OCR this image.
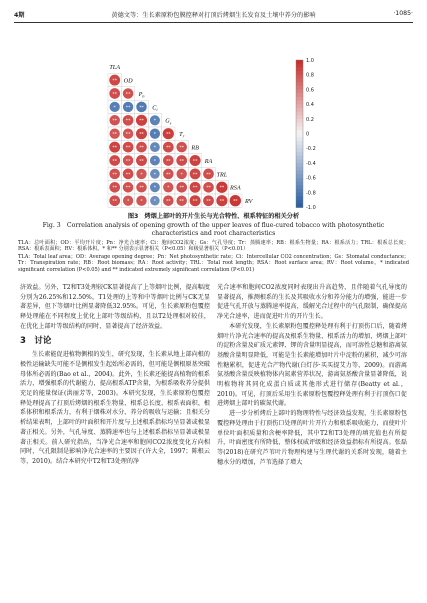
4期	黄德文等：生长素原粉包膜控释对打顶后烤烟生长发育及土壤中养分的影响	·1085·
TLA
OD
$P_n$
$C_i$
$G_s$
$T_r$
RB
RA
TRL
RSA
RV
**
** **
* ** **
** ** ** *
** ** ** * **
** ** ** * ** **
** ** ** * ** ** **
** ** * * ** * ** **
** ** ** * * ** ** ** **
** * * * ** ** ** ** ** **
1.0
0.8
0.6
0.4
0.2
0
-0.2
-0.4
-0.6
-0.8
-1.0
图3　烤烟上部叶的开片生长与光合特性、根系特征的相关分析
Fig. 3　Correlation analysis of opening growth of the upper leaves of flue-cured tobacco with photosynthetic characteristics and root characteristics
TLA：总叶面积；OD：平均开片度；Pn：净光合速率；Ci：胞间CO2浓度；Gs：气孔导度；Tr：蒸腾速率；RB：根系生物量；RA：根系活力；TRL：根系总长度；RSA：根系表面积；RV：根系体积。* 和** 分别表示显著相关（P<0.05）和极显著相关（P<0.01）
TLA：Total leaf area；OD：Average opening degree；Pn：Net photosynthetic rate；Ci：Intercellular CO2 concentration；Gs：Stomatal conductance；Tr：Transpiration rate；RB：Root biomass；RA：Root activity；TRL：Total root length；RSA：Root surface area；RV：Root volume。* indicated significant correlation (P<0.05) and ** indicated extremely significant correlation (P<0.01)

济效益。另外，T2和T3处理较CK显著提高了上等烟叶比例，提高幅度分别为26.25%和12.50%，T1处理的上等和中等烟叶比例与CK无显著差异，但下等烟叶比例显著降低32.95%。可见，生长素原粉包覆控释处理能在不同程度上优化上部叶等级结构，且以T2处理相对较佳，在优化上部叶等级结构的同时，显著提高了经济效益。

3　讨论

生长素能促进植物侧根的发生，研究发现，生长素从地上部向根的极性运输缺失可能不是侧根发生起始所必需的，但可能是侧根原基突破母体所必需的(Bao et al.，2004)。此外，生长素还能提高植物的根系活力，增强根系的代谢能力，提高根系ATP含量，为根系吸收养分提供充足的能量保证(洪丽芳等，2003)。本研究发现，生长素原粉包覆控释处理提高了打顶后烤烟的根系生物量、根系总长度、根系表面积、根系体积和根系活力，有利于烟株对水分、养分的吸收与运输；且相关分析结果表明，上部叶的叶面积和开片度与上述根系指标均呈显著或极显著正相关。另外，气孔导度、蒸腾速率也与上述根系指标呈显著或极显著正相关。前人研究指出，当净光合速率和胞间CO2浓度变化方向相同时，气孔限制是影响净光合速率的主要因子(许大全，1997；陈根云等，2010)。结合本研究中T2和T3处理的净

光合速率和胞间CO2浓度同时表现出升高趋势，且伴随着气孔导度的显著提高，推测根系的生长及其吸收水分和养分能力的增强，能进一步促进气孔开放与蒸腾速率提高，缓解光合过程中的气孔限制，确保提高净光合速率，进而促进叶片的开片生长。

本研究发现，生长素原粉包覆控释处理有利于打顶伤口后，随着烤烟叶片净光合速率的提高及根系生物量、根系活力的增加，烤烟上部叶的淀粉含量及矿质元素钾、钾的含量明显提高，而可溶性总糖和游离氨基酸含量明显降低，可能是生长素能增加叶片中淀粉的累积，减少可溶性糖累积，促进光合产物代谢(白灯莎·买买提艾力等，2009)。而游离氨基酸含量反映植物体内氮素营养状况，游离氨基酸含量显著降低，说明植物将其同化成蛋白质或其他形式进行储存(Beatty et al.，2010)。可见，打顶后采用生长素原粉包覆控释处理有利于打顶伤口促进烤烟上部叶的碳氮代谢。

进一步分析烤后上部叶的物理特性与经济效益发现，生长素原粉包覆控释处理由于打顶伤口处理的叶片开片力和根系吸收能力，而使叶片单位叶面积质量和含梗率降低，其中T2和T3处理的填充值也有所提升，叶面密度有所降低，整体权威评级和经济效益指标有所提高。张磊等(2018)在研究芦苇叶片物理构建与生理代谢的关系时发现，随着主穗水分的增加，芦苇选择了增大
